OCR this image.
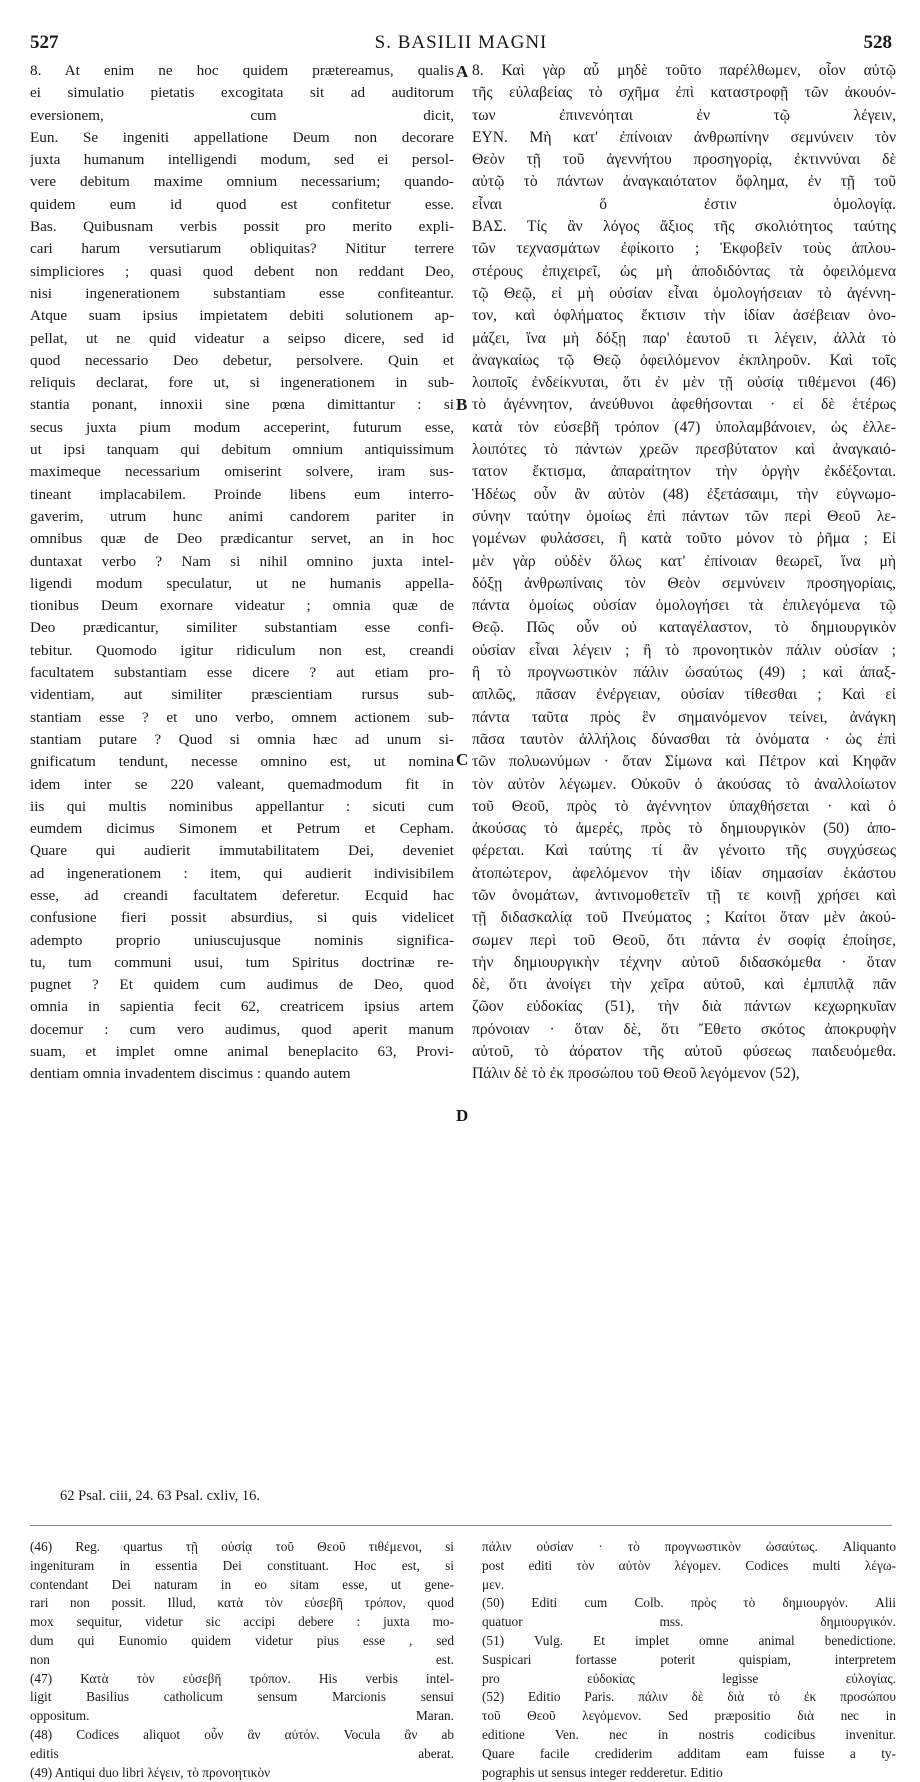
527	S. BASILII MAGNI	528
8. At enim ne hoc quidem prætereamus, qualis
ei simulatio pietatis excogitata sit ad auditorum
eversionem, cum dicit,
Eun. Se ingeniti appellatione Deum non decorare
juxta humanum intelligendi modum, sed ei persol-
vere debitum maxime omnium necessarium; quando-
quidem eum id quod est confitetur esse.
Bas. Quibusnam verbis possit pro merito expli-
cari harum versutiarum obliquitas? Nititur terrere
simpliciores ; quasi quod debent non reddant Deo,
nisi ingenerationem substantiam esse confiteantur.
Atque suam ipsius impietatem debiti solutionem ap-
pellat, ut ne quid videatur a seipso dicere, sed id
quod necessario Deo debetur, persolvere. Quin et
reliquis declarat, fore ut, si ingenerationem in sub-
stantia ponant, innoxii sine pœna dimittantur : si
secus juxta pium modum acceperint, futurum esse,
ut ipsi tanquam qui debitum omnium antiquissimum
maximeque necessarium omiserint solvere, iram sus-
tineant implacabilem. Proinde libens eum interro-
gaverim, utrum hunc animi candorem pariter in
omnibus quæ de Deo prædicantur servet, an in hoc
duntaxat verbo ? Nam si nihil omnino juxta intel-
ligendi modum speculatur, ut ne humanis appella-
tionibus Deum exornare videatur ; omnia quæ de
Deo prædicantur, similiter substantiam esse confi-
tebitur. Quomodo igitur ridiculum non est, creandi
facultatem substantiam esse dicere ? aut etiam pro-
videntiam, aut similiter præscientiam rursus sub-
stantiam esse ? et uno verbo, omnem actionem sub-
stantiam putare ? Quod si omnia hæc ad unum si-
gnificatum tendunt, necesse omnino est, ut nomina
idem inter se 220 valeant, quemadmodum fit in
iis qui multis nominibus appellantur : sicuti cum
eumdem dicimus Simonem et Petrum et Cepham.
Quare qui audierit immutabilitatem Dei, deveniet
ad ingenerationem : item, qui audierit indivisibilem
esse, ad creandi facultatem deferetur. Ecquid hac
confusione fieri possit absurdius, si quis videlicet
adempto proprio uniuscujusque nominis significa-
tu, tum communi usui, tum Spiritus doctrinæ re-
pugnet ? Et quidem cum audimus de Deo, quod
omnia in sapientia fecit 62, creatricem ipsius artem
docemur : cum vero audimus, quod aperit manum
suam, et implet omne animal beneplacito 63, Provi-
dentiam omnia invadentem discimus : quando autem
8. Καὶ γὰρ αὖ μηδὲ τοῦτο παρέλθωμεν, οἷον αὐτῷ
τῆς εὐλαβείας τὸ σχῆμα ἐπὶ καταστροφῇ τῶν ἀκουόν-
των ἐπινενόηται ἐν τῷ λέγειν,
ΕΥΝ. Μὴ κατ' ἐπίνοιαν ἀνθρωπίνην σεμνύνειν τὸν
Θεὸν τῇ τοῦ ἀγεννήτου προσηγορίᾳ, ἐκτιννύναι δὲ
αὐτῷ τὸ πάντων ἀναγκαιότατον ὄφλημα, ἐν τῇ τοῦ
εἶναι ὅ ἐστιν ὁμολογίᾳ.
ΒΑΣ. Τίς ἂν λόγος ἄξιος τῆς σκολιότητος ταύτης
τῶν τεχνασμάτων ἐφίκοιτο ; Ἐκφοβεῖν τοὺς ἁπλου-
στέρους ἐπιχειρεῖ, ὡς μὴ ἀποδιδόντας τὰ ὀφειλόμενα
τῷ Θεῷ, εἰ μὴ οὐσίαν εἶναι ὁμολογήσειαν τὸ ἀγέννη-
τον, καὶ ὀφλήματος ἔκτισιν τὴν ἰδίαν ἀσέβειαν ὀνο-
μάζει, ἵνα μὴ δόξῃ παρ' ἑαυτοῦ τι λέγειν, ἀλλὰ τὸ
ἀναγκαίως τῷ Θεῷ ὀφειλόμενον ἐκπληροῦν. Καὶ τοῖς
λοιποῖς ἐνδείκνυται, ὅτι ἐν μὲν τῇ οὐσίᾳ τιθέμενοι (46)
τὸ ἀγέννητον, ἀνεύθυνοι ἀφεθήσονται · εἰ δὲ ἑτέρως
κατὰ τὸν εὐσεβῆ τρόπον (47) ὑπολαμβάνοιεν, ὡς ἐλλε-
λοιπότες τὸ πάντων χρεῶν πρεσβύτατον καὶ ἀναγκαιό-
τατον ἔκτισμα, ἀπαραίτητον τὴν ὀργὴν ἐκδέξονται.
Ἡδέως οὖν ἂν αὐτὸν (48) ἐξετάσαιμι, τὴν εὐγνωμο-
σύνην ταύτην ὁμοίως ἐπὶ πάντων τῶν περὶ Θεοῦ λε-
γομένων φυλάσσει, ἢ κατὰ τοῦτο μόνον τὸ ῥῆμα ; Εἰ
μὲν γὰρ οὐδὲν ὅλως κατ' ἐπίνοιαν θεωρεῖ, ἵνα μὴ
δόξῃ ἀνθρωπίναις τὸν Θεὸν σεμνύνειν προσηγορίαις,
πάντα ὁμοίως οὐσίαν ὁμολογήσει τὰ ἐπιλεγόμενα τῷ
Θεῷ. Πῶς οὖν οὐ καταγέλαστον, τὸ δημιουργικὸν
οὐσίαν εἶναι λέγειν ; ἢ τὸ προνοητικὸν πάλιν οὐσίαν ;
ἢ τὸ προγνωστικὸν πάλιν ὡσαύτως (49) ; καὶ ἁπαξ-
απλῶς, πᾶσαν ἐνέργειαν, οὐσίαν τίθεσθαι ; Καὶ εἰ
πάντα ταῦτα πρὸς ἓν σημαινόμενον τείνει, ἀνάγκη
πᾶσα ταυτὸν ἀλλήλοις δύνασθαι τὰ ὀνόματα · ὡς ἐπὶ
τῶν πολυωνύμων · ὅταν Σίμωνα καὶ Πέτρον καὶ Κηφᾶν
τὸν αὐτὸν λέγωμεν. Οὐκοῦν ὁ ἀκούσας τὸ ἀναλλοίωτον
τοῦ Θεοῦ, πρὸς τὸ ἀγέννητον ὑπαχθήσεται · καὶ ὁ
ἀκούσας τὸ ἀμερές, πρὸς τὸ δημιουργικὸν (50) ἀπο-
φέρεται. Καὶ ταύτης τί ἂν γένοιτο τῆς συγχύσεως
ἀτοπώτερον, ἀφελόμενον τὴν ἰδίαν σημασίαν ἑκάστου
τῶν ὀνομάτων, ἀντινομοθετεῖν τῇ τε κοινῇ χρήσει καὶ
τῇ διδασκαλίᾳ τοῦ Πνεύματος ; Καίτοι ὅταν μὲν ἀκού-
σωμεν περὶ τοῦ Θεοῦ, ὅτι πάντα ἐν σοφίᾳ ἐποίησε,
τὴν δημιουργικὴν τέχνην αὐτοῦ διδασκόμεθα · ὅταν
δὲ, ὅτι ἀνοίγει τὴν χεῖρα αὐτοῦ, καὶ ἐμπιπλᾷ πᾶν
ζῶον εὐδοκίας (51), τὴν διὰ πάντων κεχωρηκυῖαν
πρόνοιαν · ὅταν δὲ, ὅτι Ἔθετο σκότος ἀποκρυφὴν
αὐτοῦ, τὸ ἀόρατον τῆς αὐτοῦ φύσεως παιδευόμεθα.
Πάλιν δὲ τὸ ἐκ προσώπου τοῦ Θεοῦ λεγόμενον (52),
A
B
C
D
62 Psal. ciii, 24. 63 Psal. cxliv, 16.
(46) Reg. quartus τῇ οὐσίᾳ τοῦ Θεοῦ τιθέμενοι, si
ingenituram in essentia Dei constituant. Hoc est, si
contendant Dei naturam in eo sitam esse, ut gene-
rari non possit. Illud, κατὰ τὸν εὐσεβῆ τρόπον, quod
mox sequitur, videtur sic accipi debere : juxta mo-
dum qui Eunomio quidem videtur pius esse , sed
non est.
(47) Κατὰ τὸν εὐσεβῆ τρόπον. His verbis intel-
ligit Basilius catholicum sensum Marcionis sensui
oppositum. Maran.
(48) Codices aliquot οὖν ἂν αὐτόν. Vocula ἂν ab
editis aberat.
(49) Antiqui duo libri λέγειν, τὸ προνοητικὸν
πάλιν οὐσίαν · τὸ προγνωστικὸν ὡσαύτως. Aliquanto
post editi τὸν αὐτὸν λέγομεν. Codices multi λέγω-
μεν.
(50) Editi cum Colb. πρὸς τὸ δημιουργόν. Alii
quatuor mss. δημιουργικόν.
(51) Vulg. Et implet omne animal benedictione.
Suspicari fortasse poterit quispiam, interpretem
pro εὐδοκίας legisse εὐλογίας.
(52) Editio Paris. πάλιν δὲ διὰ τὸ ἐκ προσώπου
τοῦ Θεοῦ λεγόμενον. Sed præpositio διὰ nec in
editione Ven. nec in nostris codicibus invenitur.
Quare facile crediderim additam eam fuisse a ty-
pographis ut sensus integer redderetur. Editio
